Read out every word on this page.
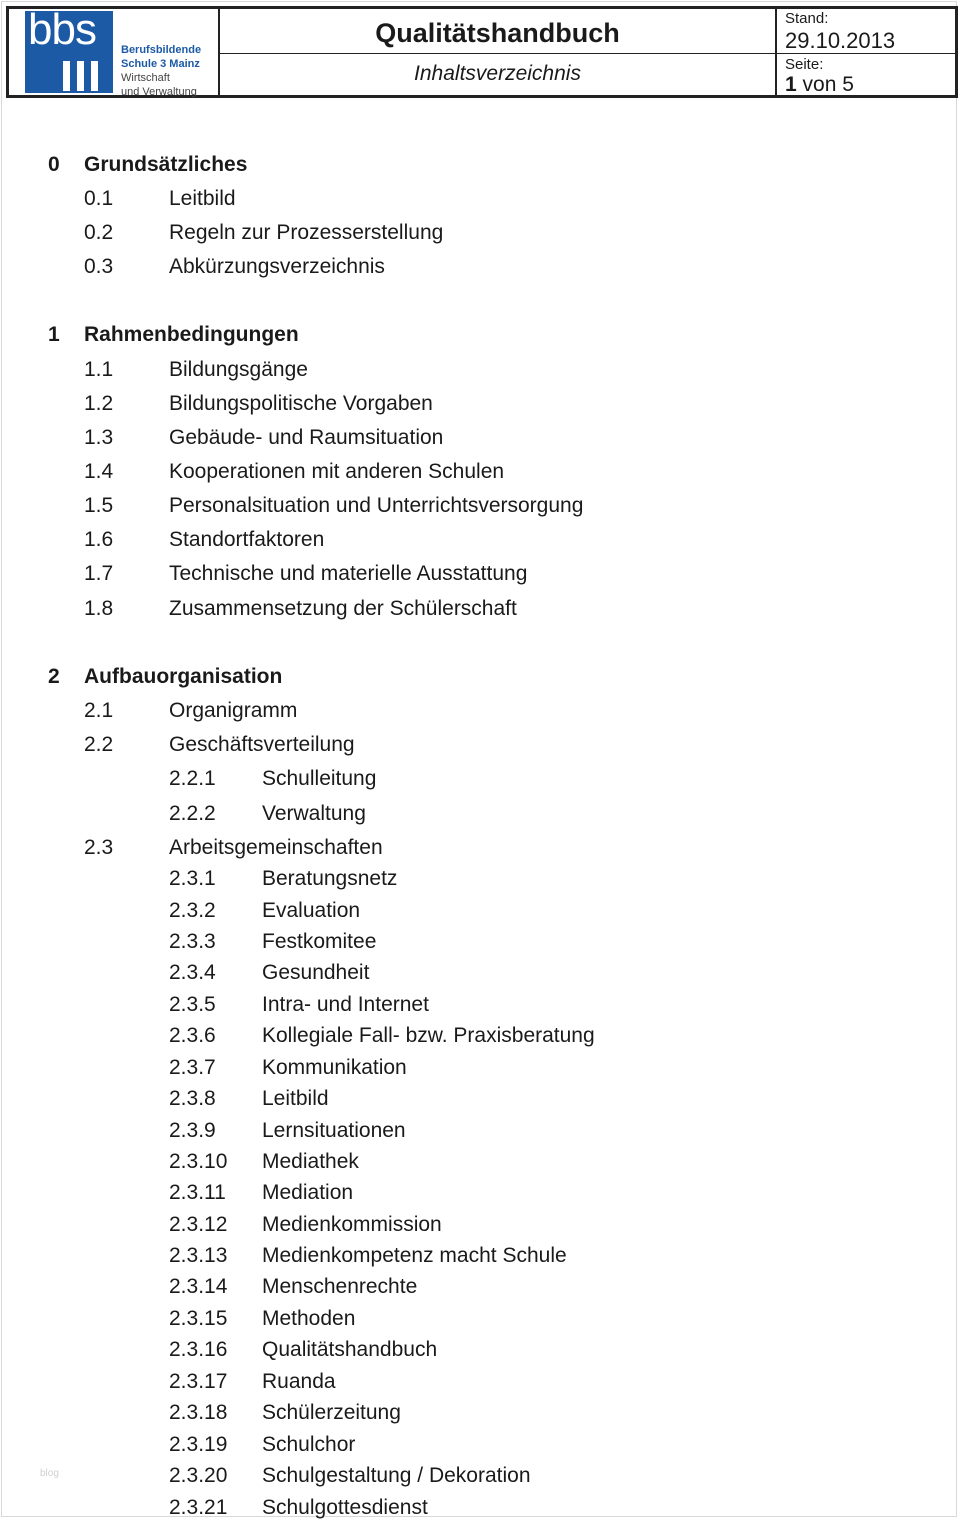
bbs Berufsbildende
Schule 3 Mainz
Wirtschaft
und Verwaltung
Qualitätshandbuch
Inhaltsverzeichnis
Stand:
29.10.2013
Seite:
1 von 5
0 Grundsätzliches
0.1	Leitbild
0.2	Regeln zur Prozesserstellung
0.3	Abkürzungsverzeichnis
1 Rahmenbedingungen
1.1	Bildungsgänge
1.2	Bildungspolitische Vorgaben
1.3	Gebäude- und Raumsituation
1.4	Kooperationen mit anderen Schulen
1.5	Personalsituation und Unterrichtsversorgung
1.6	Standortfaktoren
1.7	Technische und materielle Ausstattung
1.8	Zusammensetzung der Schülerschaft
2 Aufbauorganisation
2.1	Organigramm
2.2	Geschäftsverteilung
2.2.1 Schulleitung
2.2.2 Verwaltung
2.3	Arbeitsgemeinschaften
2.3.1 Beratungsnetz
2.3.2 Evaluation
2.3.3 Festkomitee
2.3.4 Gesundheit
2.3.5 Intra- und Internet
2.3.6 Kollegiale Fall- bzw. Praxisberatung
2.3.7 Kommunikation
2.3.8 Leitbild
2.3.9 Lernsituationen
2.3.10 Mediathek
2.3.11 Mediation
2.3.12 Medienkommission
2.3.13 Medienkompetenz macht Schule
2.3.14 Menschenrechte
2.3.15 Methoden
2.3.16 Qualitätshandbuch
2.3.17 Ruanda
2.3.18 Schülerzeitung
2.3.19 Schulchor
2.3.20 Schulgestaltung / Dekoration
2.3.21 Schulgottesdienst
blog
